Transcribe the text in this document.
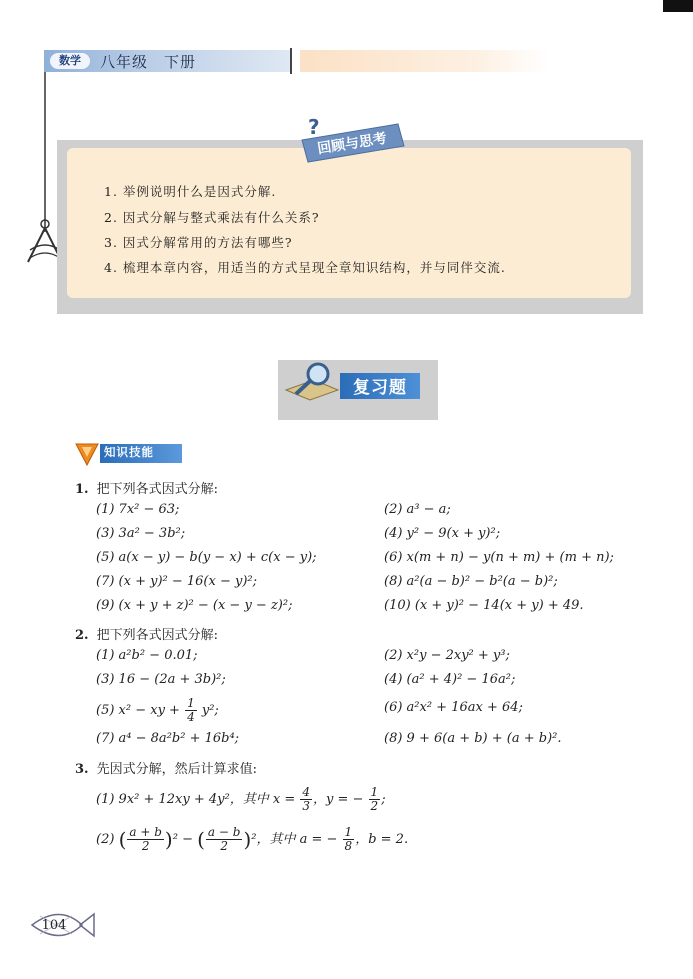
数学	八年级　下册
?
回顾与思考
1. 举例说明什么是因式分解.
2. 因式分解与整式乘法有什么关系?
3. 因式分解常用的方法有哪些?
4. 梳理本章内容，用适当的方式呈现全章知识结构，并与同伴交流.
复习题
知识技能
1. 把下列各式因式分解:
(1) 7x² − 63;	(2) a³ − a;
(3) 3a² − 3b²;	(4) y² − 9(x + y)²;
(5) a(x − y) − b(y − x) + c(x − y);	(6) x(m + n) − y(n + m) + (m + n);
(7) (x + y)² − 16(x − y)²;	(8) a²(a − b)² − b²(a − b)²;
(9) (x + y + z)² − (x − y − z)²;	(10) (x + y)² − 14(x + y) + 49.
2. 把下列各式因式分解:
(1) a²b² − 0.01;	(2) x²y − 2xy² + y³;
(3) 16 − (2a + 3b)²;	(4) (a² + 4)² − 16a²;
(5) x² − xy + $\frac{1}{4} y^2$;	(6) a²x² + 16ax + 64;
(7) a⁴ − 8a²b² + 16b⁴;	(8) 9 + 6(a + b) + (a + b)².
3. 先因式分解，然后计算求值:
(1) 9x² + 12xy + 4y²，其中 $x = \frac{4}{3}$ ，y = − $\frac{1}{2}$ ;
(2) ( $\frac{a + b}{2} )^2$ − ( $\frac{a - b}{2} )^2$，其中 a = − $\frac{1}{8}$ ，b = 2.
104
